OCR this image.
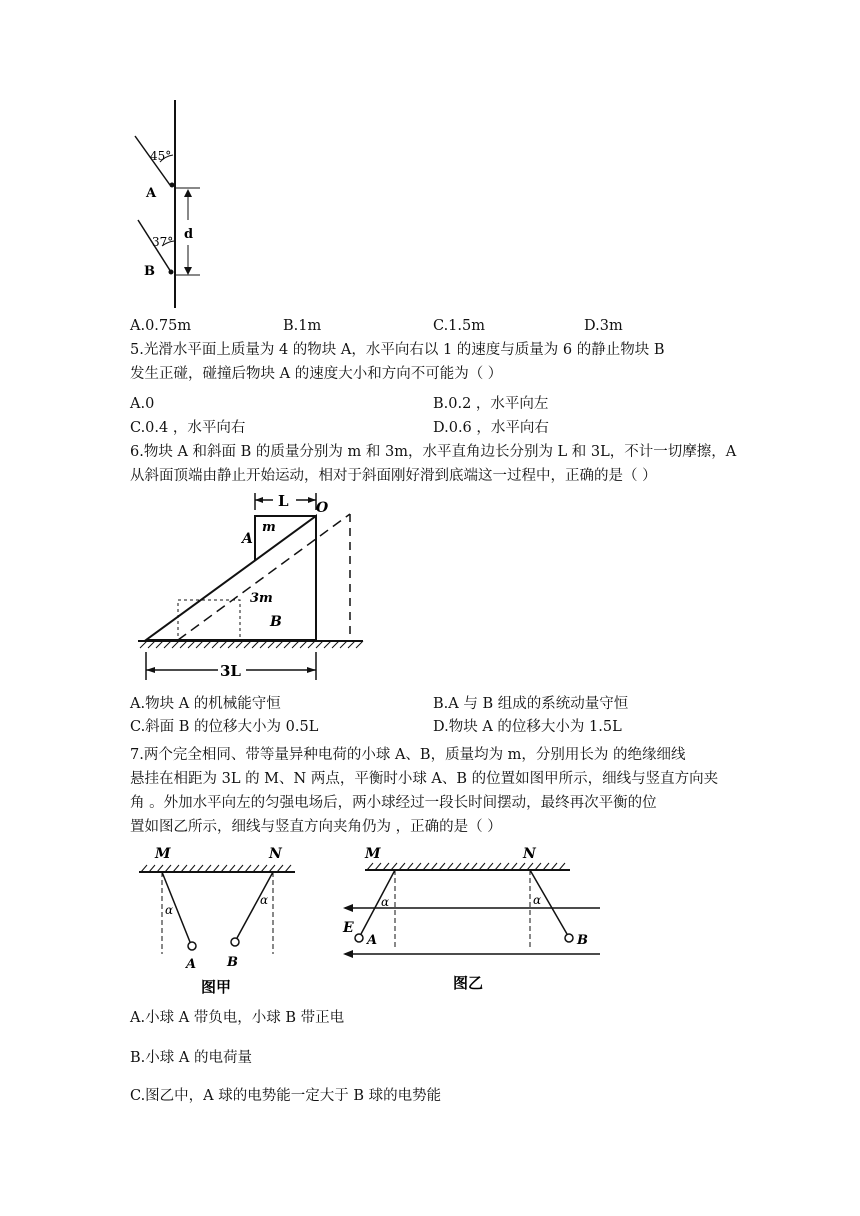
45°
A
d
37°
B
A.0.75m	B.1m	C.1.5m	D.3m
5.光滑水平面上质量为 4 的物块 A，水平向右以 1 的速度与质量为 6 的静止物块 B
发生正碰，碰撞后物块 A 的速度大小和方向不可能为（ ）
A.0	B.0.2 ，水平向左
C.0.4 ，水平向右	D.0.6 ，水平向右
6.物块 A 和斜面 B 的质量分别为 m 和 3m，水平直角边长分别为 L 和 3L，不计一切摩擦，A
从斜面顶端由静止开始运动，相对于斜面刚好滑到底端这一过程中，正确的是（ ）
L
m
A
O
3m
B
3L
A.物块 A 的机械能守恒	B.A 与 B 组成的系统动量守恒
C.斜面 B 的位移大小为 0.5L	D.物块 A 的位移大小为 1.5L
7.两个完全相同、带等量异种电荷的小球 A、B，质量均为 m，分别用长为 的绝缘细线
悬挂在相距为 3L 的 M、N 两点，平衡时小球 A、B 的位置如图甲所示，细线与竖直方向夹
角 。外加水平向左的匀强电场后，两小球经过一段长时间摆动，最终再次平衡的位
置如图乙所示，细线与竖直方向夹角仍为 ，正确的是（ ）
M	N
α
A
α
B
图甲
M	N
E
α
A
α
B
图乙
A.小球 A 带负电，小球 B 带正电
B.小球 A 的电荷量
C.图乙中，A 球的电势能一定大于 B 球的电势能
